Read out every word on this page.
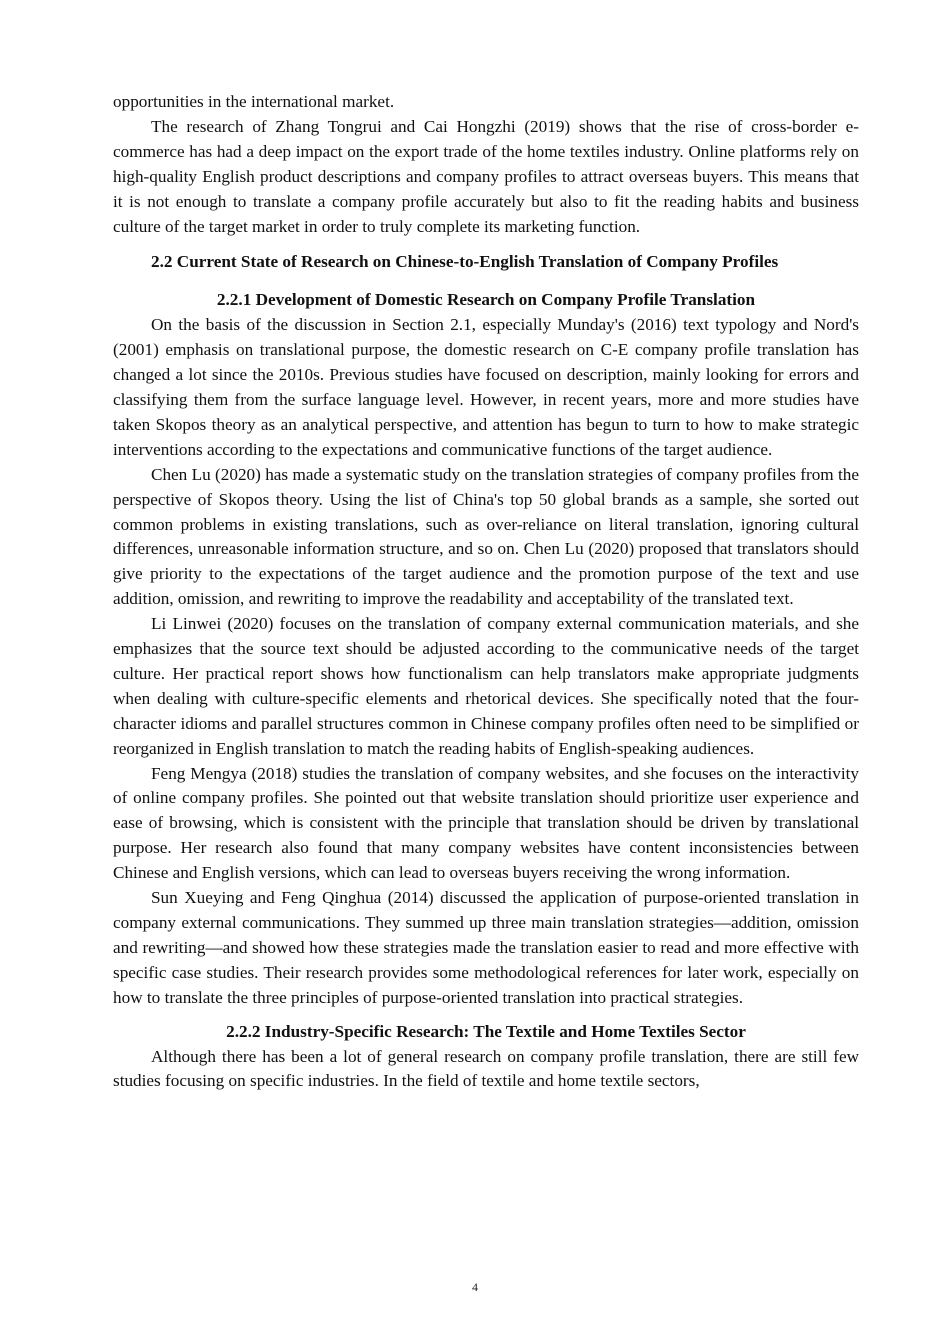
opportunities in the international market.

The research of Zhang Tongrui and Cai Hongzhi (2019) shows that the rise of cross-border e-commerce has had a deep impact on the export trade of the home textiles industry. Online platforms rely on high-quality English product descriptions and company profiles to attract overseas buyers. This means that it is not enough to translate a company profile accurately but also to fit the reading habits and business culture of the target market in order to truly complete its marketing function.

2.2 Current State of Research on Chinese-to-English Translation of Company Profiles

2.2.1 Development of Domestic Research on Company Profile Translation

On the basis of the discussion in Section 2.1, especially Munday's (2016) text typology and Nord's (2001) emphasis on translational purpose, the domestic research on C-E company profile translation has changed a lot since the 2010s. Previous studies have focused on description, mainly looking for errors and classifying them from the surface language level. However, in recent years, more and more studies have taken Skopos theory as an analytical perspective, and attention has begun to turn to how to make strategic interventions according to the expectations and communicative functions of the target audience.

Chen Lu (2020) has made a systematic study on the translation strategies of company profiles from the perspective of Skopos theory. Using the list of China's top 50 global brands as a sample, she sorted out common problems in existing translations, such as over-reliance on literal translation, ignoring cultural differences, unreasonable information structure, and so on. Chen Lu (2020) proposed that translators should give priority to the expectations of the target audience and the promotion purpose of the text and use addition, omission, and rewriting to improve the readability and acceptability of the translated text.

Li Linwei (2020) focuses on the translation of company external communication materials, and she emphasizes that the source text should be adjusted according to the communicative needs of the target culture. Her practical report shows how functionalism can help translators make appropriate judgments when dealing with culture-specific elements and rhetorical devices. She specifically noted that the four-character idioms and parallel structures common in Chinese company profiles often need to be simplified or reorganized in English translation to match the reading habits of English-speaking audiences.

Feng Mengya (2018) studies the translation of company websites, and she focuses on the interactivity of online company profiles. She pointed out that website translation should prioritize user experience and ease of browsing, which is consistent with the principle that translation should be driven by translational purpose. Her research also found that many company websites have content inconsistencies between Chinese and English versions, which can lead to overseas buyers receiving the wrong information.

Sun Xueying and Feng Qinghua (2014) discussed the application of purpose-oriented translation in company external communications. They summed up three main translation strategies—addition, omission and rewriting—and showed how these strategies made the translation easier to read and more effective with specific case studies. Their research provides some methodological references for later work, especially on how to translate the three principles of purpose-oriented translation into practical strategies.

2.2.2 Industry-Specific Research: The Textile and Home Textiles Sector

Although there has been a lot of general research on company profile translation, there are still few studies focusing on specific industries. In the field of textile and home textile sectors,

4
